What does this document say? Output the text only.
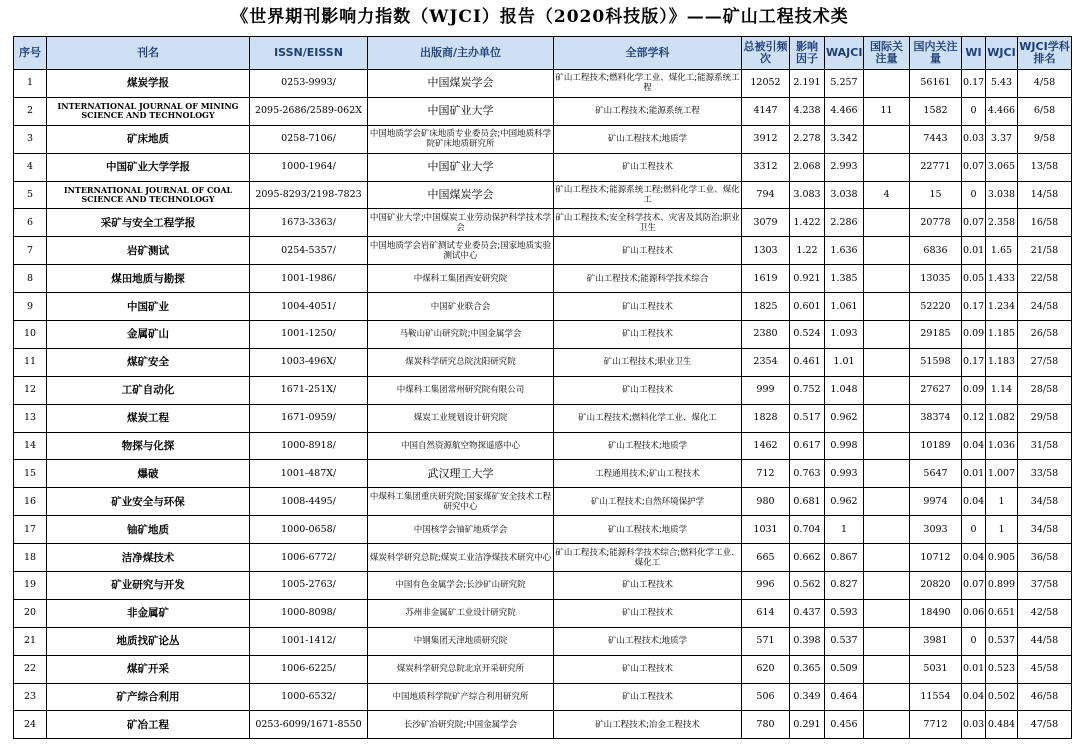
《世界期刊影响力指数（WJCI）报告（2020科技版）》——矿山工程技术类
序号	刊名	ISSN/EISSN	出版商/主办单位	全部学科	总被引频次	影响因子	WAJCI	国际关注量	国内关注量	WI	WJCI	WJCI学科排名
1	煤炭学报	0253-9993/	中国煤炭学会	矿山工程技术;燃料化学工业、煤化工;能源系统工程	12052	2.191	5.257		56161	0.17	5.43	4/58
2	INTERNATIONAL JOURNAL OF MINING SCIENCE AND TECHNOLOGY	2095-2686/2589-062X	中国矿业大学	矿山工程技术;能源系统工程	4147	4.238	4.466	11	1582	0	4.466	6/58
3	矿床地质	0258-7106/	中国地质学会矿床地质专业委员会;中国地质科学院矿床地质研究所	矿山工程技术;地质学	3912	2.278	3.342		7443	0.03	3.37	9/58
4	中国矿业大学学报	1000-1964/	中国矿业大学	矿山工程技术	3312	2.068	2.993		22771	0.07	3.065	13/58
5	INTERNATIONAL JOURNAL OF COAL SCIENCE AND TECHNOLOGY	2095-8293/2198-7823	中国煤炭学会	矿山工程技术;能源系统工程;燃料化学工业、煤化工	794	3.083	3.038	4	15	0	3.038	14/58
6	采矿与安全工程学报	1673-3363/	中国矿业大学;中国煤炭工业劳动保护科学技术学会	矿山工程技术;安全科学技术、灾害及其防治;职业卫生	3079	1.422	2.286		20778	0.07	2.358	16/58
7	岩矿测试	0254-5357/	中国地质学会岩矿测试专业委员会;国家地质实验测试中心	矿山工程技术	1303	1.22	1.636		6836	0.01	1.65	21/58
8	煤田地质与勘探	1001-1986/	中煤科工集团西安研究院	矿山工程技术;能源科学技术综合	1619	0.921	1.385		13035	0.05	1.433	22/58
9	中国矿业	1004-4051/	中国矿业联合会	矿山工程技术	1825	0.601	1.061		52220	0.17	1.234	24/58
10	金属矿山	1001-1250/	马鞍山矿山研究院;中国金属学会	矿山工程技术	2380	0.524	1.093		29185	0.09	1.185	26/58
11	煤矿安全	1003-496X/	煤炭科学研究总院沈阳研究院	矿山工程技术;职业卫生	2354	0.461	1.01		51598	0.17	1.183	27/58
12	工矿自动化	1671-251X/	中煤科工集团常州研究院有限公司	矿山工程技术	999	0.752	1.048		27627	0.09	1.14	28/58
13	煤炭工程	1671-0959/	煤炭工业规划设计研究院	矿山工程技术;燃料化学工业、煤化工	1828	0.517	0.962		38374	0.12	1.082	29/58
14	物探与化探	1000-8918/	中国自然资源航空物探遥感中心	矿山工程技术;地质学	1462	0.617	0.998		10189	0.04	1.036	31/58
15	爆破	1001-487X/	武汉理工大学	工程通用技术;矿山工程技术	712	0.763	0.993		5647	0.01	1.007	33/58
16	矿业安全与环保	1008-4495/	中煤科工集团重庆研究院;国家煤矿安全技术工程研究中心	矿山工程技术;自然环境保护学	980	0.681	0.962		9974	0.04	1	34/58
17	铀矿地质	1000-0658/	中国核学会铀矿地质学会	矿山工程技术;地质学	1031	0.704	1		3093	0	1	34/58
18	洁净煤技术	1006-6772/	煤炭科学研究总院;煤炭工业洁净煤技术研究中心	矿山工程技术;能源科学技术综合;燃料化学工业、煤化工	665	0.662	0.867		10712	0.04	0.905	36/58
19	矿业研究与开发	1005-2763/	中国有色金属学会;长沙矿山研究院	矿山工程技术	996	0.562	0.827		20820	0.07	0.899	37/58
20	非金属矿	1000-8098/	苏州非金属矿工业设计研究院	矿山工程技术	614	0.437	0.593		18490	0.06	0.651	42/58
21	地质找矿论丛	1001-1412/	中钢集团天津地质研究院	矿山工程技术;地质学	571	0.398	0.537		3981	0	0.537	44/58
22	煤矿开采	1006-6225/	煤炭科学研究总院北京开采研究所	矿山工程技术	620	0.365	0.509		5031	0.01	0.523	45/58
23	矿产综合利用	1000-6532/	中国地质科学院矿产综合利用研究所	矿山工程技术	506	0.349	0.464		11554	0.04	0.502	46/58
24	矿冶工程	0253-6099/1671-8550	长沙矿冶研究院;中国金属学会	矿山工程技术;冶金工程技术	780	0.291	0.456		7712	0.03	0.484	47/58
